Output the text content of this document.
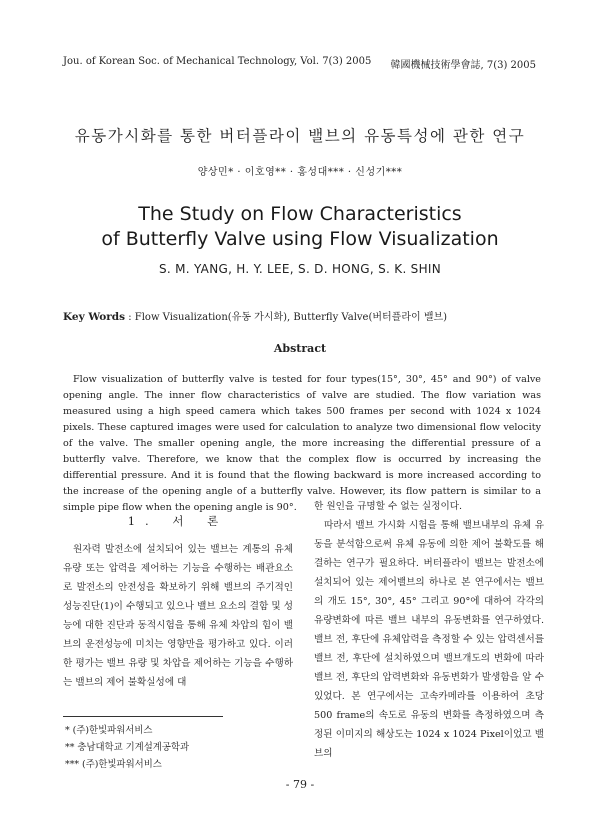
Jou. of Korean Soc. of Mechanical Technology, Vol. 7(3) 2005 韓國機械技術學會誌, 7(3) 2005
유동가시화를 통한 버터플라이 밸브의 유동특성에 관한 연구
양상민* · 이호영** · 홍성대*** · 신성기***
The Study on Flow Characteristics
of Butterfly Valve using Flow Visualization
S. M. YANG, H. Y. LEE, S. D. HONG, S. K. SHIN
Key Words : Flow Visualization(유동 가시화), Butterfly Valve(버터플라이 밸브)
Abstract

Flow visualization of butterfly valve is tested for four types(15°, 30°, 45° and 90°) of valve opening angle. The inner flow characteristics of valve are studied. The flow variation was measured using a high speed camera which takes 500 frames per second with 1024 x 1024 pixels. These captured images were used for calculation to analyze two dimensional flow velocity of the valve. The smaller opening angle, the more increasing the differential pressure of a butterfly valve. Therefore, we know that the complex flow is occurred by increasing the differential pressure. And it is found that the flowing backward is more increased according to the increase of the opening angle of a butterfly valve. However, its flow pattern is similar to a simple pipe flow when the opening angle is 90°.

1. 서 론

원자력 발전소에 설치되어 있는 밸브는 계통의 유체유량 또는 압력을 제어하는 기능을 수행하는 배관요소로 발전소의 안전성을 확보하기 위해 밸브의 주기적인 성능진단(1)이 수행되고 있으나 밸브 요소의 결함 및 성능에 대한 진단과 동적시험을 통해 유체 차압의 힘이 밸브의 운전성능에 미치는 영향만을 평가하고 있다. 이러한 평가는 밸브 유량 및 차압을 제어하는 기능을 수행하는 밸브의 제어 불확실성에 대

한 원인을 규명할 수 없는 실정이다.

따라서 밸브 가시화 시험을 통해 밸브내부의 유체 유동을 분석함으로써 유체 유동에 의한 제어 불확도를 해결하는 연구가 필요하다. 버터플라이 밸브는 발전소에 설치되어 있는 제어밸브의 하나로 본 연구에서는 밸브의 개도 15°, 30°, 45° 그리고 90°에 대하여 각각의 유량변화에 따른 밸브 내부의 유동변화를 연구하였다. 밸브 전, 후단에 유체압력을 측정할 수 있는 압력센서를 밸브 전, 후단에 설치하였으며 밸브개도의 변화에 따라 밸브 전, 후단의 압력변화와 유동변화가 발생함을 알 수 있었다. 본 연구에서는 고속카메라를 이용하여 초당 500 frame의 속도로 유동의 변화를 측정하였으며 측정된 이미지의 해상도는 1024 x 1024 Pixel이었고 밸브의

* (주)한빛파워서비스
** 충남대학교 기계설계공학과
*** (주)한빛파워서비스
- 79 -
